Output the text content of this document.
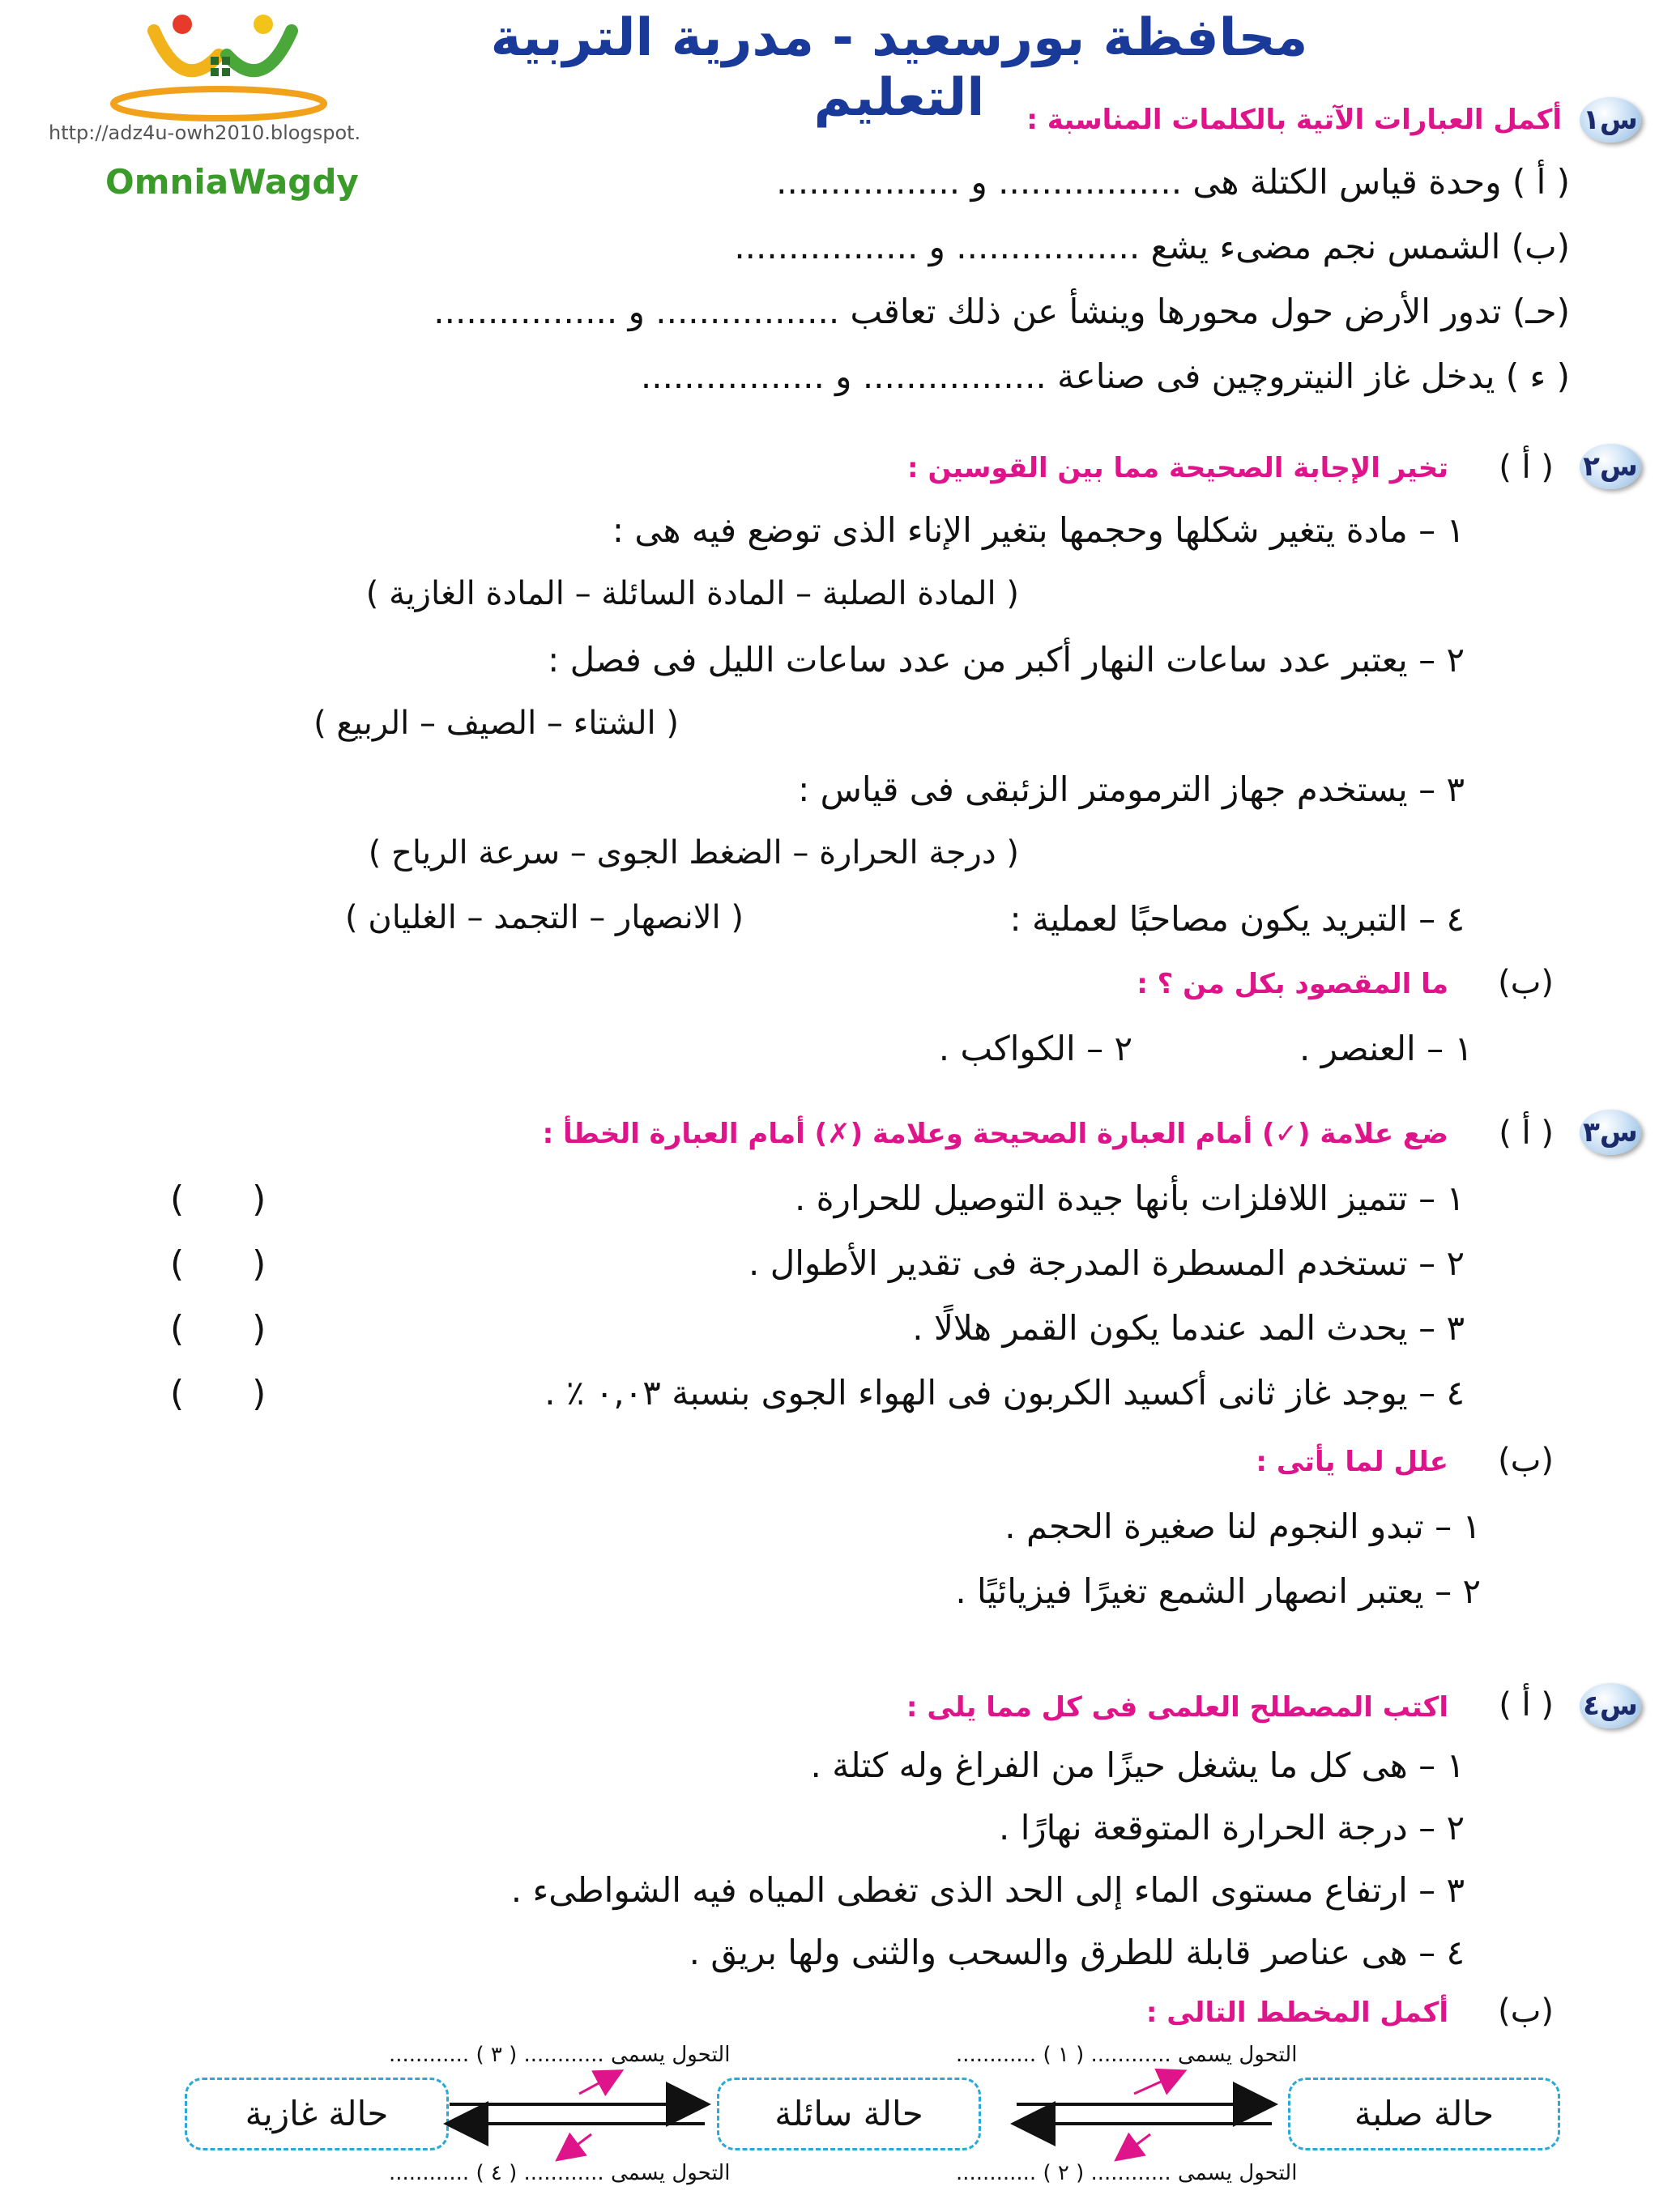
محافظة بورسعيد - مدرية التربية التعليم
http://adz4u-owh2010.blogspot.
OmniaWagdy
س١
أكمل العبارات الآتية بالكلمات المناسبة :
( أ ) وحدة قياس الكتلة هى ................. و .................
(ب) الشمس نجم مضىء يشع ................. و .................
(حـ) تدور الأرض حول محورها وينشأ عن ذلك تعاقب ................. و .................
( ء ) يدخل غاز النيتروچين فى صناعة ................. و .................
س٢
( أ )
تخير الإجابة الصحيحة مما بين القوسين :
١ – مادة يتغير شكلها وحجمها بتغير الإناء الذى توضع فيه هى :
( المادة الصلبة – المادة السائلة – المادة الغازية )
٢ – يعتبر عدد ساعات النهار أكبر من عدد ساعات الليل فى فصل :
( الشتاء – الصيف – الربيع )
٣ – يستخدم جهاز الترمومتر الزئبقى فى قياس :
( درجة الحرارة – الضغط الجوى – سرعة الرياح )
٤ – التبريد يكون مصاحبًا لعملية :
( الانصهار – التجمد – الغليان )
(ب)
ما المقصود بكل من ؟ :
١ – العنصر .
٢ – الكواكب .
س٣
( أ )
ضع علامة (✓) أمام العبارة الصحيحة وعلامة (✗) أمام العبارة الخطأ :
١ – تتميز اللافلزات بأنها جيدة التوصيل للحرارة .
(      )
٢ – تستخدم المسطرة المدرجة فى تقدير الأطوال .
(      )
٣ – يحدث المد عندما يكون القمر هلالًا .
(      )
٤ – يوجد غاز ثانى أكسيد الكربون فى الهواء الجوى بنسبة ٠,٠٣ ٪ .
(      )
(ب)
علل لما يأتى :
١ – تبدو النجوم لنا صغيرة الحجم .
٢ – يعتبر انصهار الشمع تغيرًا فيزيائيًا .
س٤
( أ )
اكتب المصطلح العلمى فى كل مما يلى :
١ – هى كل ما يشغل حيزًا من الفراغ وله كتلة .
٢ – درجة الحرارة المتوقعة نهارًا .
٣ – ارتفاع مستوى الماء إلى الحد الذى تغطى المياه فيه الشواطىء .
٤ – هى عناصر قابلة للطرق والسحب والثنى ولها بريق .
(ب)
أكمل المخطط التالى :
التحول يسمى ............ ( ١ ) ............
التحول يسمى ............ ( ٣ ) ............
حالة صلبة
حالة سائلة
حالة غازية
التحول يسمى ............ ( ٢ ) ............
التحول يسمى ............ ( ٤ ) ............
